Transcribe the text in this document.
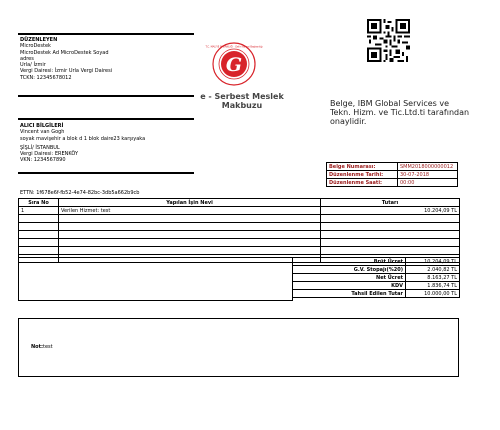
DÜZENLEYEN
MicroDestek
MicroDestek Ad MicroDestek Soyad
adres
Urla/ İzmir
Vergi Dairesi: İzmir Urla Vergi Dairesi
TCKN: 12345678012
G
T.C. MALİYE BAKANLIĞI · Gelir İdaresi Başkanlığı
e - Serbest Meslek
Makbuzu	Belge, IBM Global Services ve Tekn. Hizm. ve Tic.Ltd.ti tarafından onaylidir.
ALICI BİLGİLERİ
Vincent van Gogh
soyak mavişehir a blok d 1 blok daire23 karşıyaka
ŞİŞLİ/ İSTANBUL
Vergi Dairesi: ERENKÖY
VKN: 1234567890
Belge Numarası:	SMM2018000000012
Düzenlenme Tarihi:	30-07-2018
Düzenlenme Saati:	00:00
ETTN: 1f678e6f-fb52-4e74-82bc-3db5a662b9cb
Sıra No	Yapılan İşin Nevi	Tutarı
1	Verilen Hizmet: test	10.204,09 TL

Brüt Ücret	10.204,09 TL
G.V. Stopajı(%20)	2.040,82 TL
Net Ücret	8.163,27 TL
KDV	1.836,74 TL
Tahsil Edilen Tutar	10.000,00 TL
Not:test
